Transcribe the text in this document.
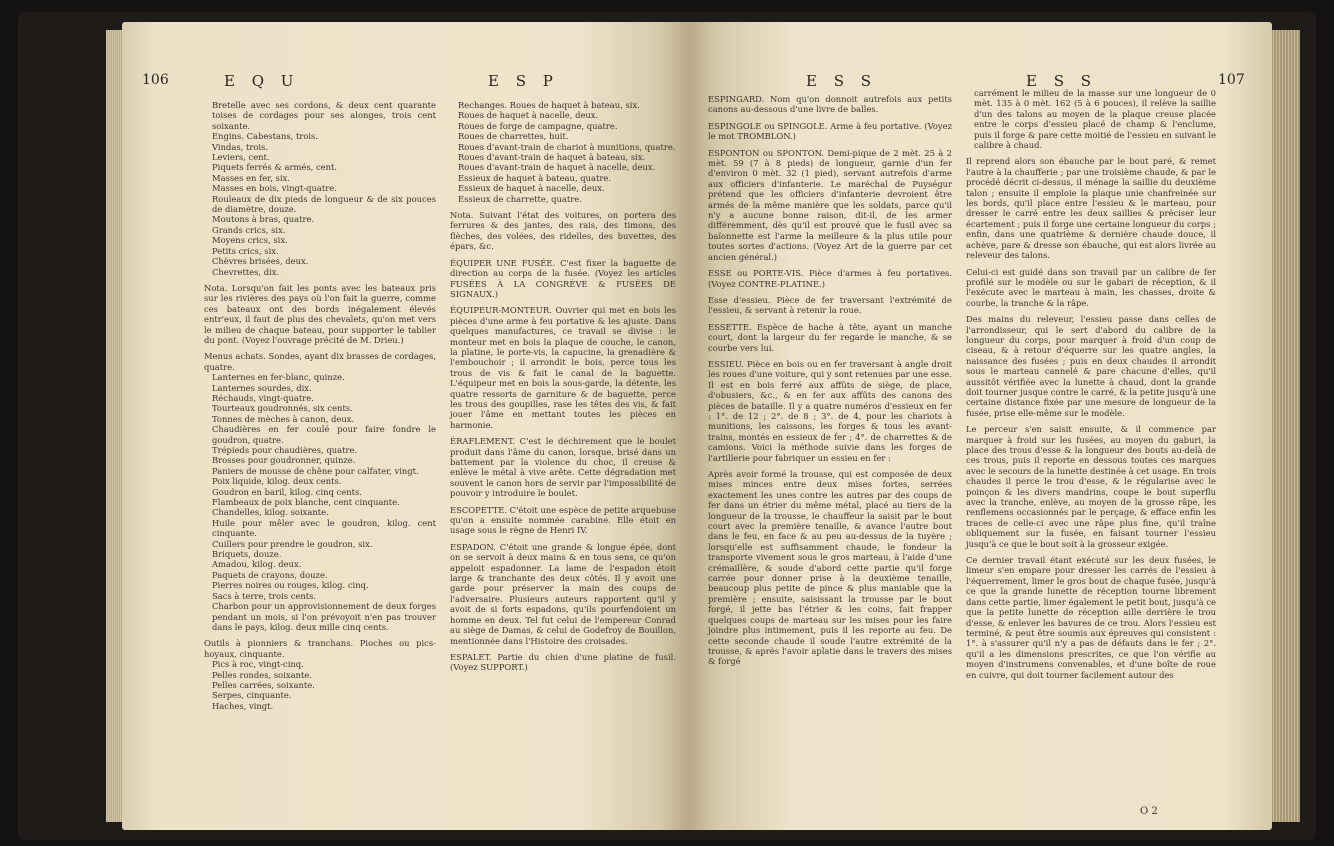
106	E Q U	E S P

Bretelle avec ses cordons, & deux cent quarante toises de cordages pour ses alonges, trois cent soixante.

Engins. Cabestans, trois.

Vindas, trois.

Leviers, cent.

Piquets ferrés & armés, cent.

Masses en fer, six.

Masses en bois, vingt-quatre.

Rouleaux de dix pieds de longueur & de six pouces de diamètre, douze.

Moutons à bras, quatre.

Grands crics, six.

Moyens crics, six.

Petits crics, six.

Chèvres brisées, deux.

Chevrettes, dix.

Nota. Lorsqu'on fait les ponts avec les bateaux pris sur les rivières des pays où l'on fait la guerre, comme ces bateaux ont des bords inégalement élevés entr'eux, il faut de plus des chevalets, qu'on met vers le milieu de chaque bateau, pour supporter le tablier du pont. (Voyez l'ouvrage précité de M. Drieu.)

Menus achats. Sondes, ayant dix brasses de cordages, quatre.

Lanternes en fer-blanc, quinze.

Lanternes sourdes, dix.

Réchauds, vingt-quatre.

Tourteaux goudronnés, six cents.

Tonnes de mèches à canon, deux.

Chaudières en fer coulé pour faire fondre le goudron, quatre.

Trépieds pour chaudières, quatre.

Brosses pour goudronner, quinze.

Paniers de mousse de chêne pour calfater, vingt.

Poix liquide, kilog. deux cents.

Goudron en baril, kilog. cinq cents.

Flambeaux de poix blanche, cent cinquante.

Chandelles, kilog. soixante.

Huile pour mêler avec le goudron, kilog. cent cinquante.

Cuillers pour prendre le goudron, six.

Briquets, douze.

Amadou, kilog. deux.

Paquets de crayons, douze.

Pierres noires ou rouges, kilog. cinq.

Sacs à terre, trois cents.

Charbon pour un approvisionnement de deux forges pendant un mois, si l'on prévoyoit n'en pas trouver dans le pays, kilog. deux mille cinq cents.

Outils à pionniers & tranchans. Pioches ou pics-hoyaux, cinquante.

Pics à roc, vingt-cinq.

Pelles rondes, soixante.

Pelles carrées, soixante.

Serpes, cinquante.

Haches, vingt.

Rechanges. Roues de haquet à bateau, six.

Roues de haquet à nacelle, deux.

Roues de forge de campagne, quatre.

Roues de charrettes, huit.

Roues d'avant-train de chariot à munitions, quatre.

Roues d'avant-train de haquet à bateau, six.

Roues d'avant-train de haquet à nacelle, deux.

Essieux de haquet à bateau, quatre.

Essieux de haquet à nacelle, deux.

Essieux de charrette, quatre.

Nota. Suivant l'état des voitures, on portera des ferrures & des jantes, des rais, des timons, des flèches, des volées, des ridelles, des buvettes, des épars, &c.

ÉQUIPER UNE FUSÉE. C'est fixer la baguette de direction au corps de la fusée. (Voyez les articles FUSÉES À LA CONGRÈVE & FUSÉES DE SIGNAUX.)

ÉQUIPEUR-MONTEUR. Ouvrier qui met en bois les pièces d'une arme à feu portative & les ajuste. Dans quelques manufactures, ce travail se divise : le monteur met en bois la plaque de couche, le canon, la platine, le porte-vis, la capucine, la grenadière & l'embouchoir ; il arrondit le bois, perce tous les trous de vis & fait le canal de la baguette. L'équipeur met en bois la sous-garde, la détente, les quatre ressorts de garniture & de baguette, perce les trous des goupilles, rase les têtes des vis, & fait jouer l'âme en mettant toutes les pièces en harmonie.

ÉRAFLEMENT. C'est le déchirement que le boulet produit dans l'âme du canon, lorsque, brisé dans un battement par la violence du choc, il creuse & enlève le métal à vive arête. Cette dégradation met souvent le canon hors de servir par l'impossibilité de pouvoir y introduire le boulet.

ESCOPETTE. C'étoit une espèce de petite arquebuse qu'on a ensuite nommée carabine. Elle étoit en usage sous le règne de Henri IV.

ESPADON. C'étoit une grande & longue épée, dont on se servoit à deux mains & en tous sens, ce qu'on appeloit espadonner. La lame de l'espadon étoit large & tranchante des deux côtés. Il y avoit une garde pour préserver la main des coups de l'adversaire. Plusieurs auteurs rapportent qu'il y avoit de si forts espadons, qu'ils pourfendoient un homme en deux. Tel fut celui de l'empereur Conrad au siège de Damas, & celui de Godefroy de Bouillon, mentionnée dans l'Histoire des croisades.

ESPALET. Partie du chien d'une platine de fusil. (Voyez SUPPORT.)

E S S	E S S	107

ESPINGARD. Nom qu'on donnoit autrefois aux petits canons au-dessous d'une livre de balles.

ESPINGOLE ou SPINGOLE. Arme à feu portative. (Voyez le mot TROMBLON.)

ESPONTON ou SPONTON. Demi-pique de 2 mèt. 25 à 2 mèt. 59 (7 à 8 pieds) de longueur, garnie d'un fer d'environ 0 mèt. 32 (1 pied), servant autrefois d'arme aux officiers d'infanterie. Le maréchal de Puységur prétend que les officiers d'infanterie devroient être armés de la même manière que les soldats, parce qu'il n'y a aucune bonne raison, dit-il, de les armer différemment, dès qu'il est prouvé que le fusil avec sa baïonnette est l'arme la meilleure & la plus utile pour toutes sortes d'actions. (Voyez Art de la guerre par cet ancien général.)

ESSE ou PORTE-VIS. Pièce d'armes à feu portatives. (Voyez CONTRE-PLATINE.)

Esse d'essieu. Pièce de fer traversant l'extrémité de l'essieu, & servant à retenir la roue.

ESSETTE. Espèce de hache à tête, ayant un manche court, dont la largeur du fer regarde le manche, & se courbe vers lui.

ESSIEU. Pièce en bois ou en fer traversant à angle droit les roues d'une voiture, qui y sont retenues par une esse. Il est en bois ferré aux affûts de siège, de place, d'obusiers, &c., & en fer aux affûts des canons des pièces de bataille. Il y a quatre numéros d'essieux en fer : 1°. de 12 ; 2°. de 8 ; 3°. de 4, pour les chariots à munitions, les caissons, les forges & tous les avant-trains, montés en essieux de fer ; 4°. de charrettes & de camions. Voici la méthode suivie dans les forges de l'artillerie pour fabriquer un essieu en fer :

Après avoir formé la trousse, qui est composée de deux mises minces entre deux mises fortes, serrées exactement les unes contre les autres par des coups de fer dans un étrier du même métal, placé au tiers de la longueur de la trousse, le chauffeur la saisit par le bout court avec la première tenaille, & avance l'autre bout dans le feu, en face & au peu au-dessus de la tuyère ; lorsqu'elle est suffisamment chaude, le fondeur la transporte vivement sous le gros marteau, à l'aide d'une crémaillère, & soude d'abord cette partie qu'il forge carrée pour donner prise à la deuxième tenaille, beaucoup plus petite de pince & plus maniable que la première ; ensuite, saisissant la trousse par le bout forgé, il jette bas l'étrier & les coins, fait frapper quelques coups de marteau sur les mises pour les faire joindre plus intimement, puis il les reporte au feu. De cette seconde chaude il soude l'autre extrémité de la trousse, & après l'avoir aplatie dans le travers des mises & forgé

carrément le milieu de la masse sur une longueur de 0 mèt. 135 à 0 mèt. 162 (5 à 6 pouces), il relève la saillie d'un des talons au moyen de la plaque creuse placée entre le corps d'essieu placé de champ & l'enclume, puis il forge & pare cette moitié de l'essieu en suivant le calibre à chaud.

Il reprend alors son ébauche par le bout paré, & remet l'autre à la chaufferie ; par une troisième chaude, & par le procédé décrit ci-dessus, il ménage la saillie du deuxième talon ; ensuite il emploie la plaque unie chanfreinée sur les bords, qu'il place entre l'essieu & le marteau, pour dresser le carré entre les deux saillies & préciser leur écartement ; puis il forge une certaine longueur du corps ; enfin, dans une quatrième & dernière chaude douce, il achève, pare & dresse son ébauche, qui est alors livrée au releveur des talons.

Celui-ci est guidé dans son travail par un calibre de fer profilé sur le modèle ou sur le gabari de réception, & il l'exécute avec le marteau à main, les chasses, droite & courbe, la tranche & la râpe.

Des mains du releveur, l'essieu passe dans celles de l'arrondisseur, qui le sert d'abord du calibre de la longueur du corps, pour marquer à froid d'un coup de ciseau, & à retour d'équerre sur les quatre angles, la naissance des fusées ; puis en deux chaudes il arrondit sous le marteau cannelé & pare chacune d'elles, qu'il aussitôt vérifiée avec la lunette à chaud, dont la grande doit tourner jusque contre le carré, & la petite jusqu'à une certaine distance fixée par une mesure de longueur de la fusée, prise elle-même sur le modèle.

Le perceur s'en saisit ensuite, & il commence par marquer à froid sur les fusées, au moyen du gaburi, la place des trous d'esse & la longueur des bouts au-delà de ces trous, puis il reporte en dessous toutes ces marques avec le secours de la lunette destinée à cet usage. En trois chaudes il perce le trou d'esse, & le régularise avec le poinçon & les divers mandrins, coupe le bout superflu avec la tranche, enlève, au moyen de la grosse râpe, les renflemens occasionnés par le perçage, & efface enfin les traces de celle-ci avec une râpe plus fine, qu'il traîne obliquement sur la fusée, en faisant tourner l'essieu jusqu'à ce que le bout soit à la grosseur exigée.

Ce dernier travail étant exécuté sur les deux fusées, le limeur s'en empare pour dresser les carrés de l'essieu à l'équerrement, limer le gros bout de chaque fusée, jusqu'à ce que la grande lunette de réception tourne librement dans cette partie, limer également le petit bout, jusqu'à ce que la petite lunette de réception aille derrière le trou d'esse, & enlever les bavures de ce trou. Alors l'essieu est terminé, & peut être soumis aux épreuves qui consistent : 1°. à s'assurer qu'il n'y a pas de défauts dans le fer ; 2°. qu'il a les dimensions prescrites, ce que l'on vérifie au moyen d'instrumens convenables, et d'une boîte de roue en cuivre, qui doit tourner facilement autour des

O 2
